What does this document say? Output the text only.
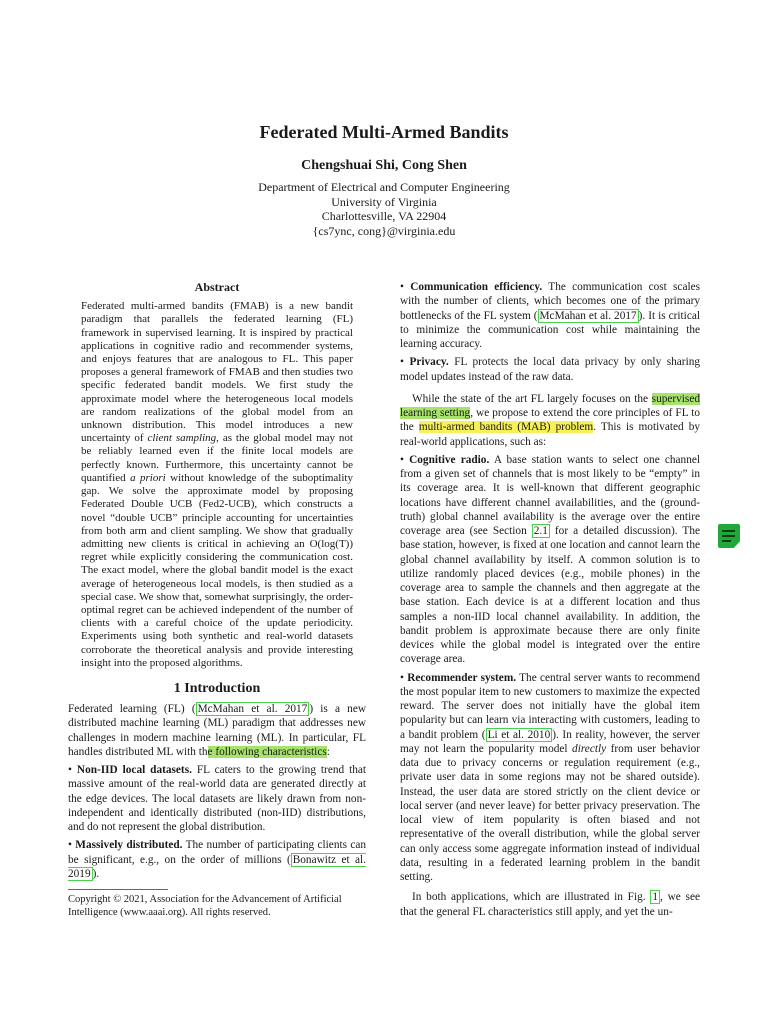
Federated Multi-Armed Bandits
Chengshuai Shi, Cong Shen
Department of Electrical and Computer Engineering
University of Virginia
Charlottesville, VA 22904
{cs7ync, cong}@virginia.edu
Abstract
Federated multi-armed bandits (FMAB) is a new bandit paradigm that parallels the federated learning (FL) framework in supervised learning. It is inspired by practical applications in cognitive radio and recommender systems, and enjoys features that are analogous to FL. This paper proposes a general framework of FMAB and then studies two specific federated bandit models. We first study the approximate model where the heterogeneous local models are random realizations of the global model from an unknown distribution. This model introduces a new uncertainty of client sampling, as the global model may not be reliably learned even if the finite local models are perfectly known. Furthermore, this uncertainty cannot be quantified a priori without knowledge of the suboptimality gap. We solve the approximate model by proposing Federated Double UCB (Fed2-UCB), which constructs a novel “double UCB” principle accounting for uncertainties from both arm and client sampling. We show that gradually admitting new clients is critical in achieving an O(log(T)) regret while explicitly considering the communication cost. The exact model, where the global bandit model is the exact average of heterogeneous local models, is then studied as a special case. We show that, somewhat surprisingly, the order-optimal regret can be achieved independent of the number of clients with a careful choice of the update periodicity. Experiments using both synthetic and real-world datasets corroborate the theoretical analysis and provide interesting insight into the proposed algorithms.
1 Introduction

Federated learning (FL) ( McMahan et al. 2017 ) is a new distributed machine learning (ML) paradigm that addresses new challenges in modern machine learning (ML). In particular, FL handles distributed ML with the following characteristics:

• Non-IID local datasets. FL caters to the growing trend that massive amount of the real-world data are generated directly at the edge devices. The local datasets are likely drawn from non-independent and identically distributed (non-IID) distributions, and do not represent the global distribution.

• Massively distributed. The number of participating clients can be significant, e.g., on the order of millions ( Bonawitz et al. 2019 ).

Copyright © 2021, Association for the Advancement of Artificial Intelligence (www.aaai.org). All rights reserved.

• Communication efficiency. The communication cost scales with the number of clients, which becomes one of the primary bottlenecks of the FL system ( McMahan et al. 2017 ). It is critical to minimize the communication cost while maintaining the learning accuracy.

• Privacy. FL protects the local data privacy by only sharing model updates instead of the raw data.

While the state of the art FL largely focuses on the supervised learning setting, we propose to extend the core principles of FL to the multi-armed bandits (MAB) problem. This is motivated by real-world applications, such as:

• Cognitive radio. A base station wants to select one channel from a given set of channels that is most likely to be “empty” in its coverage area. It is well-known that different geographic locations have different channel availabilities, and the (ground-truth) global channel availability is the average over the entire coverage area (see Section 2.1 for a detailed discussion). The base station, however, is fixed at one location and cannot learn the global channel availability by itself. A common solution is to utilize randomly placed devices (e.g., mobile phones) in the coverage area to sample the channels and then aggregate at the base station. Each device is at a different location and thus samples a non-IID local channel availability. In addition, the bandit problem is approximate because there are only finite devices while the global model is integrated over the entire coverage area.

• Recommender system. The central server wants to recommend the most popular item to new customers to maximize the expected reward. The server does not initially have the global item popularity but can learn via interacting with customers, leading to a bandit problem ( Li et al. 2010 ). In reality, however, the server may not learn the popularity model directly from user behavior data due to privacy concerns or regulation requirement (e.g., private user data in some regions may not be shared outside). Instead, the user data are stored strictly on the client device or local server (and never leave) for better privacy preservation. The local view of item popularity is often biased and not representative of the overall distribution, while the global server can only access some aggregate information instead of individual data, resulting in a federated learning problem in the bandit setting.

In both applications, which are illustrated in Fig. 1 , we see that the general FL characteristics still apply, and yet the un-
